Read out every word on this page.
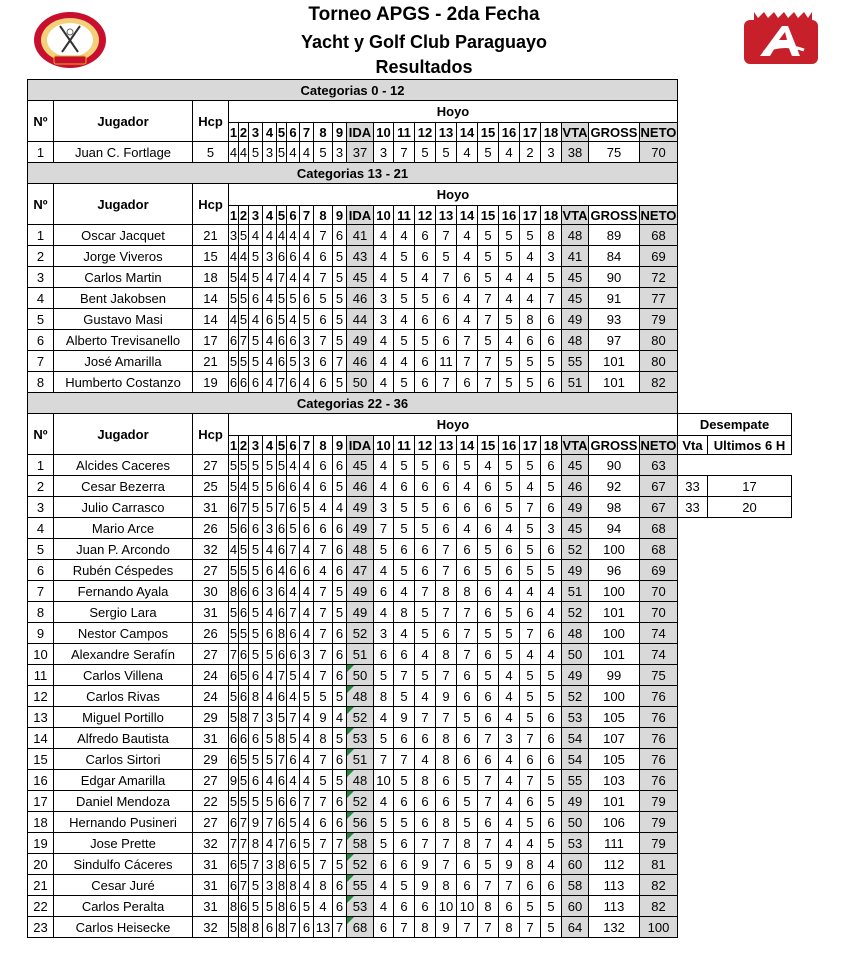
Torneo APGS - 2da Fecha
Yacht y Golf Club Paraguayo
Resultados
Categorias 0 - 12																										
Nº	Jugador	Hcp	Hoyo																							
			1	2	3	4	5	6	7	8	9	IDA	10	11	12	13	14	15	16	17	18	VTA	GROSS	NETO		
1	Juan C. Fortlage	5	4	4	5	3	5	4	4	5	3	37	3	7	5	5	4	5	4	2	3	38	75	70		
Categorias 13 - 21																										
Nº	Jugador	Hcp	Hoyo																							
			1	2	3	4	5	6	7	8	9	IDA	10	11	12	13	14	15	16	17	18	VTA	GROSS	NETO		
1	Oscar Jacquet	21	3	5	4	4	4	4	4	7	6	41	4	4	6	7	4	5	5	5	8	48	89	68		
2	Jorge Viveros	15	4	4	5	3	6	6	4	6	5	43	4	5	6	5	4	5	5	4	3	41	84	69		
3	Carlos Martin	18	5	4	5	4	7	4	4	7	5	45	4	5	4	7	6	5	4	4	5	45	90	72		
4	Bent Jakobsen	14	5	5	6	4	5	5	6	5	5	46	3	5	5	6	4	7	4	4	7	45	91	77		
5	Gustavo Masi	14	4	5	4	6	5	4	5	6	5	44	3	4	6	6	4	7	5	8	6	49	93	79		
6	Alberto Trevisanello	17	6	7	5	4	6	6	3	7	5	49	4	5	5	6	7	5	4	6	6	48	97	80		
7	José Amarilla	21	5	5	5	4	6	5	3	6	7	46	4	4	6	11	7	7	5	5	5	55	101	80		
8	Humberto Costanzo	19	6	6	6	4	7	6	4	6	5	50	4	5	6	7	6	7	5	5	6	51	101	82		
Categorias 22 - 36																										
Nº	Jugador	Hcp	Hoyo																						Desempate	
			1	2	3	4	5	6	7	8	9	IDA	10	11	12	13	14	15	16	17	18	VTA	GROSS	NETO	Vta	Ultimos 6 H
1	Alcides Caceres	27	5	5	5	5	5	4	4	6	6	45	4	5	5	6	5	4	5	5	6	45	90	63		
2	Cesar Bezerra	25	5	4	5	5	6	6	4	6	5	46	4	6	6	6	4	6	5	4	5	46	92	67	33	17
3	Julio Carrasco	31	6	7	5	5	7	6	5	4	4	49	3	5	5	6	6	6	5	7	6	49	98	67	33	20
4	Mario Arce	26	5	6	6	3	6	5	6	6	6	49	7	5	5	6	4	6	4	5	3	45	94	68		
5	Juan P. Arcondo	32	4	5	5	4	6	7	4	7	6	48	5	6	6	7	6	5	6	5	6	52	100	68		
6	Rubén Céspedes	27	5	5	5	6	4	6	6	4	6	47	4	5	6	7	6	5	6	5	5	49	96	69		
7	Fernando Ayala	30	8	6	6	3	6	4	4	7	5	49	6	4	7	8	8	6	4	4	4	51	100	70		
8	Sergio Lara	31	5	6	5	4	6	7	4	7	5	49	4	8	5	7	7	6	5	6	4	52	101	70		
9	Nestor Campos	26	5	5	5	6	8	6	4	7	6	52	3	4	5	6	7	5	5	7	6	48	100	74		
10	Alexandre Serafín	27	7	6	5	5	6	6	3	7	6	51	6	6	4	8	7	6	5	4	4	50	101	74		
11	Carlos Villena	24	6	5	6	4	7	5	4	7	6	50	5	7	5	7	6	5	4	5	5	49	99	75		
12	Carlos Rivas	24	5	6	8	4	6	4	5	5	5	48	8	5	4	9	6	6	4	5	5	52	100	76		
13	Miguel Portillo	29	5	8	7	3	5	7	4	9	4	52	4	9	7	7	5	6	4	5	6	53	105	76		
14	Alfredo Bautista	31	6	6	6	5	8	5	4	8	5	53	5	6	6	8	6	7	3	7	6	54	107	76		
15	Carlos Sirtori	29	6	5	5	5	7	6	4	7	6	51	7	7	4	8	6	6	4	6	6	54	105	76		
16	Edgar Amarilla	27	9	5	6	4	6	4	4	5	5	48	10	5	8	6	5	7	4	7	5	55	103	76		
17	Daniel Mendoza	22	5	5	5	5	6	6	7	7	6	52	4	6	6	6	5	7	4	6	5	49	101	79		
18	Hernando Pusineri	27	6	7	9	7	6	5	4	6	6	56	5	5	6	8	5	6	4	5	6	50	106	79		
19	Jose Prette	32	7	7	8	4	7	6	5	7	7	58	5	6	7	7	8	7	4	4	5	53	111	79		
20	Sindulfo Cáceres	31	6	5	7	3	8	6	5	7	5	52	6	6	9	7	6	5	9	8	4	60	112	81		
21	Cesar Juré	31	6	7	5	3	8	8	4	8	6	55	4	5	9	8	6	7	7	6	6	58	113	82		
22	Carlos Peralta	31	8	6	5	5	8	6	5	4	6	53	4	6	6	10	10	8	6	5	5	60	113	82		
23	Carlos Heisecke	32	5	8	8	6	8	7	6	13	7	68	6	7	8	9	7	7	8	7	5	64	132	100		
